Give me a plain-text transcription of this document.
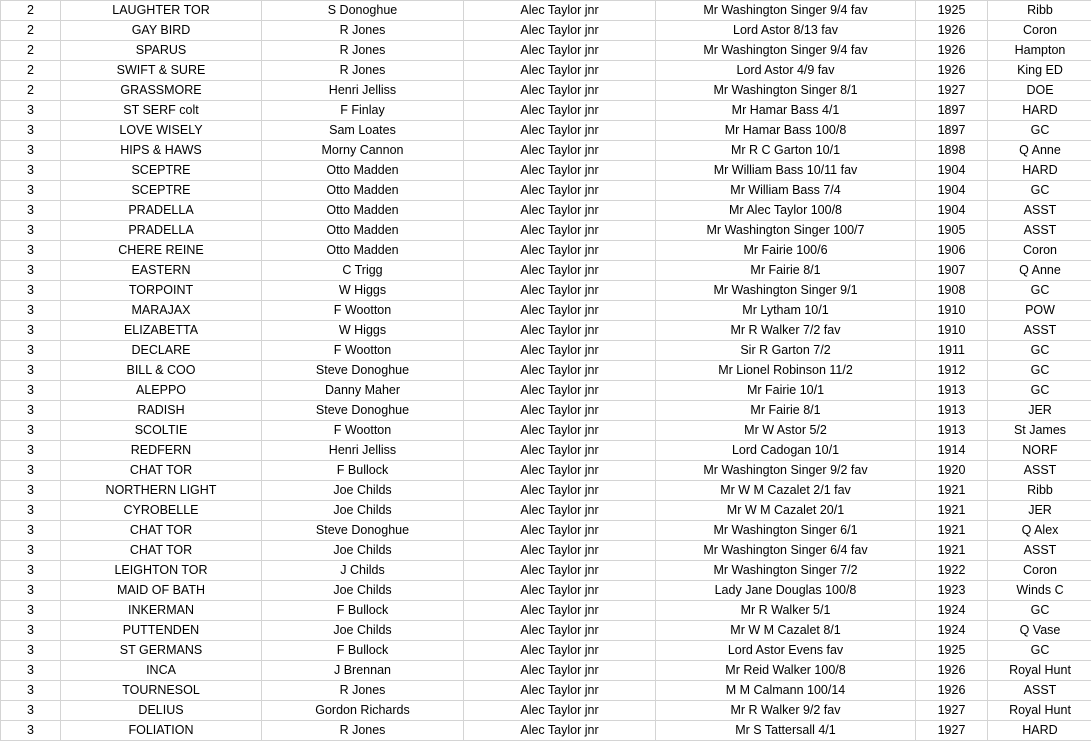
2	LAUGHTER TOR	S Donoghue	Alec Taylor jnr	Mr Washington Singer 9/4 fav	1925	Ribb
2	GAY BIRD	R Jones	Alec Taylor jnr	Lord Astor 8/13 fav	1926	Coron
2	SPARUS	R Jones	Alec Taylor jnr	Mr Washington Singer 9/4 fav	1926	Hampton
2	SWIFT & SURE	R Jones	Alec Taylor jnr	Lord Astor 4/9 fav	1926	King ED
2	GRASSMORE	Henri Jelliss	Alec Taylor jnr	Mr Washington Singer 8/1	1927	DOE
3	ST SERF colt	F Finlay	Alec Taylor jnr	Mr Hamar Bass 4/1	1897	HARD
3	LOVE WISELY	Sam Loates	Alec Taylor jnr	Mr Hamar Bass 100/8	1897	GC
3	HIPS & HAWS	Morny Cannon	Alec Taylor jnr	Mr R C Garton 10/1	1898	Q Anne
3	SCEPTRE	Otto Madden	Alec Taylor jnr	Mr William Bass 10/11 fav	1904	HARD
3	SCEPTRE	Otto Madden	Alec Taylor jnr	Mr William Bass 7/4	1904	GC
3	PRADELLA	Otto Madden	Alec Taylor jnr	Mr Alec Taylor 100/8	1904	ASST
3	PRADELLA	Otto Madden	Alec Taylor jnr	Mr Washington Singer 100/7	1905	ASST
3	CHERE REINE	Otto Madden	Alec Taylor jnr	Mr Fairie 100/6	1906	Coron
3	EASTERN	C Trigg	Alec Taylor jnr	Mr Fairie 8/1	1907	Q Anne
3	TORPOINT	W Higgs	Alec Taylor jnr	Mr Washington Singer 9/1	1908	GC
3	MARAJAX	F Wootton	Alec Taylor jnr	Mr Lytham 10/1	1910	POW
3	ELIZABETTA	W Higgs	Alec Taylor jnr	Mr R Walker 7/2 fav	1910	ASST
3	DECLARE	F Wootton	Alec Taylor jnr	Sir R Garton 7/2	1911	GC
3	BILL & COO	Steve Donoghue	Alec Taylor jnr	Mr Lionel Robinson 11/2	1912	GC
3	ALEPPO	Danny Maher	Alec Taylor jnr	Mr Fairie 10/1	1913	GC
3	RADISH	Steve Donoghue	Alec Taylor jnr	Mr Fairie 8/1	1913	JER
3	SCOLTIE	F Wootton	Alec Taylor jnr	Mr W Astor 5/2	1913	St James
3	REDFERN	Henri Jelliss	Alec Taylor jnr	Lord Cadogan 10/1	1914	NORF
3	CHAT TOR	F Bullock	Alec Taylor jnr	Mr Washington Singer 9/2 fav	1920	ASST
3	NORTHERN LIGHT	Joe Childs	Alec Taylor jnr	Mr W M Cazalet 2/1 fav	1921	Ribb
3	CYROBELLE	Joe Childs	Alec Taylor jnr	Mr W M Cazalet 20/1	1921	JER
3	CHAT TOR	Steve Donoghue	Alec Taylor jnr	Mr Washington Singer 6/1	1921	Q Alex
3	CHAT TOR	Joe Childs	Alec Taylor jnr	Mr Washington Singer 6/4 fav	1921	ASST
3	LEIGHTON TOR	J Childs	Alec Taylor jnr	Mr Washington Singer 7/2	1922	Coron
3	MAID OF BATH	Joe Childs	Alec Taylor jnr	Lady Jane Douglas 100/8	1923	Winds C
3	INKERMAN	F Bullock	Alec Taylor jnr	Mr R Walker 5/1	1924	GC
3	PUTTENDEN	Joe Childs	Alec Taylor jnr	Mr W M Cazalet 8/1	1924	Q Vase
3	ST GERMANS	F Bullock	Alec Taylor jnr	Lord Astor Evens fav	1925	GC
3	INCA	J Brennan	Alec Taylor jnr	Mr Reid Walker 100/8	1926	Royal Hunt
3	TOURNESOL	R Jones	Alec Taylor jnr	M M Calmann 100/14	1926	ASST
3	DELIUS	Gordon Richards	Alec Taylor jnr	Mr R Walker 9/2 fav	1927	Royal Hunt
3	FOLIATION	R Jones	Alec Taylor jnr	Mr S Tattersall 4/1	1927	HARD
